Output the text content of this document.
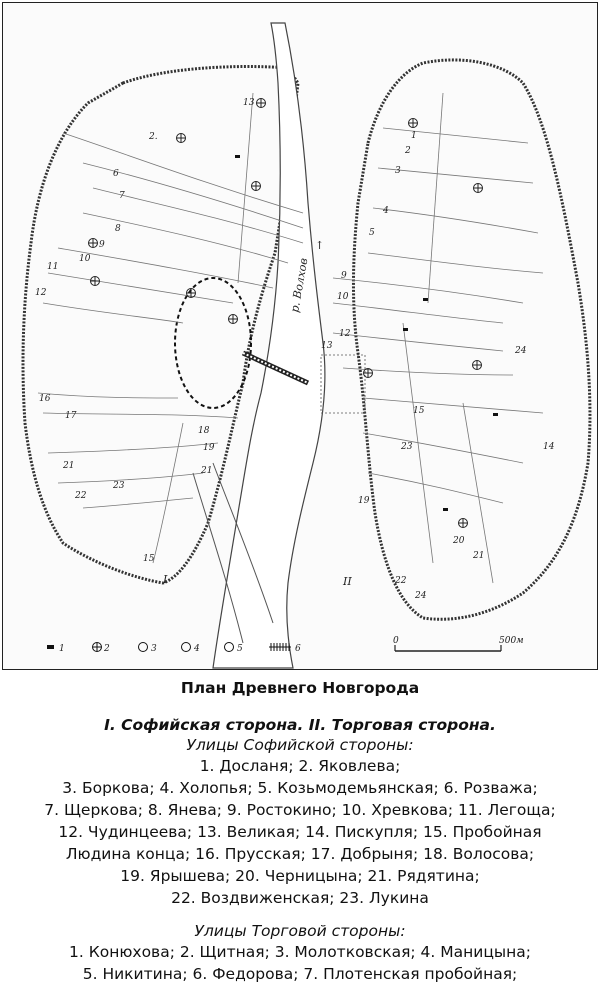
13
2.
6
7
8
9
10
11
12
16
17
21
22
23
18
19
21
15
1
2
3
4
5
9
10
13
12
15
23
19
20
21
22
24
14
24
р. Волхов
↑
I	II
0	500м
1	2	3	4	5	6
План Древнего Новгорода
I. Софийская сторона. II. Торговая сторона.
Улицы Софийской стороны:
1. Досланя; 2. Яковлева;
3. Боркова; 4. Холопья; 5. Козьмодемьянская; 6. Розважа;
7. Щеркова; 8. Янева; 9. Ростокино; 10. Хревкова; 11. Легоща;
12. Чудинцеева; 13. Великая; 14. Пискупля; 15. Пробойная
Людина конца; 16. Прусская; 17. Добрыня; 18. Волосова;
19. Ярышева; 20. Черницына; 21. Рядятина;
22. Воздвиженская; 23. Лукина
Улицы Торговой стороны:
1. Конюхова; 2. Щитная; 3. Молотковская; 4. Маницына;
5. Никитина; 6. Федорова; 7. Плотенская пробойная;
